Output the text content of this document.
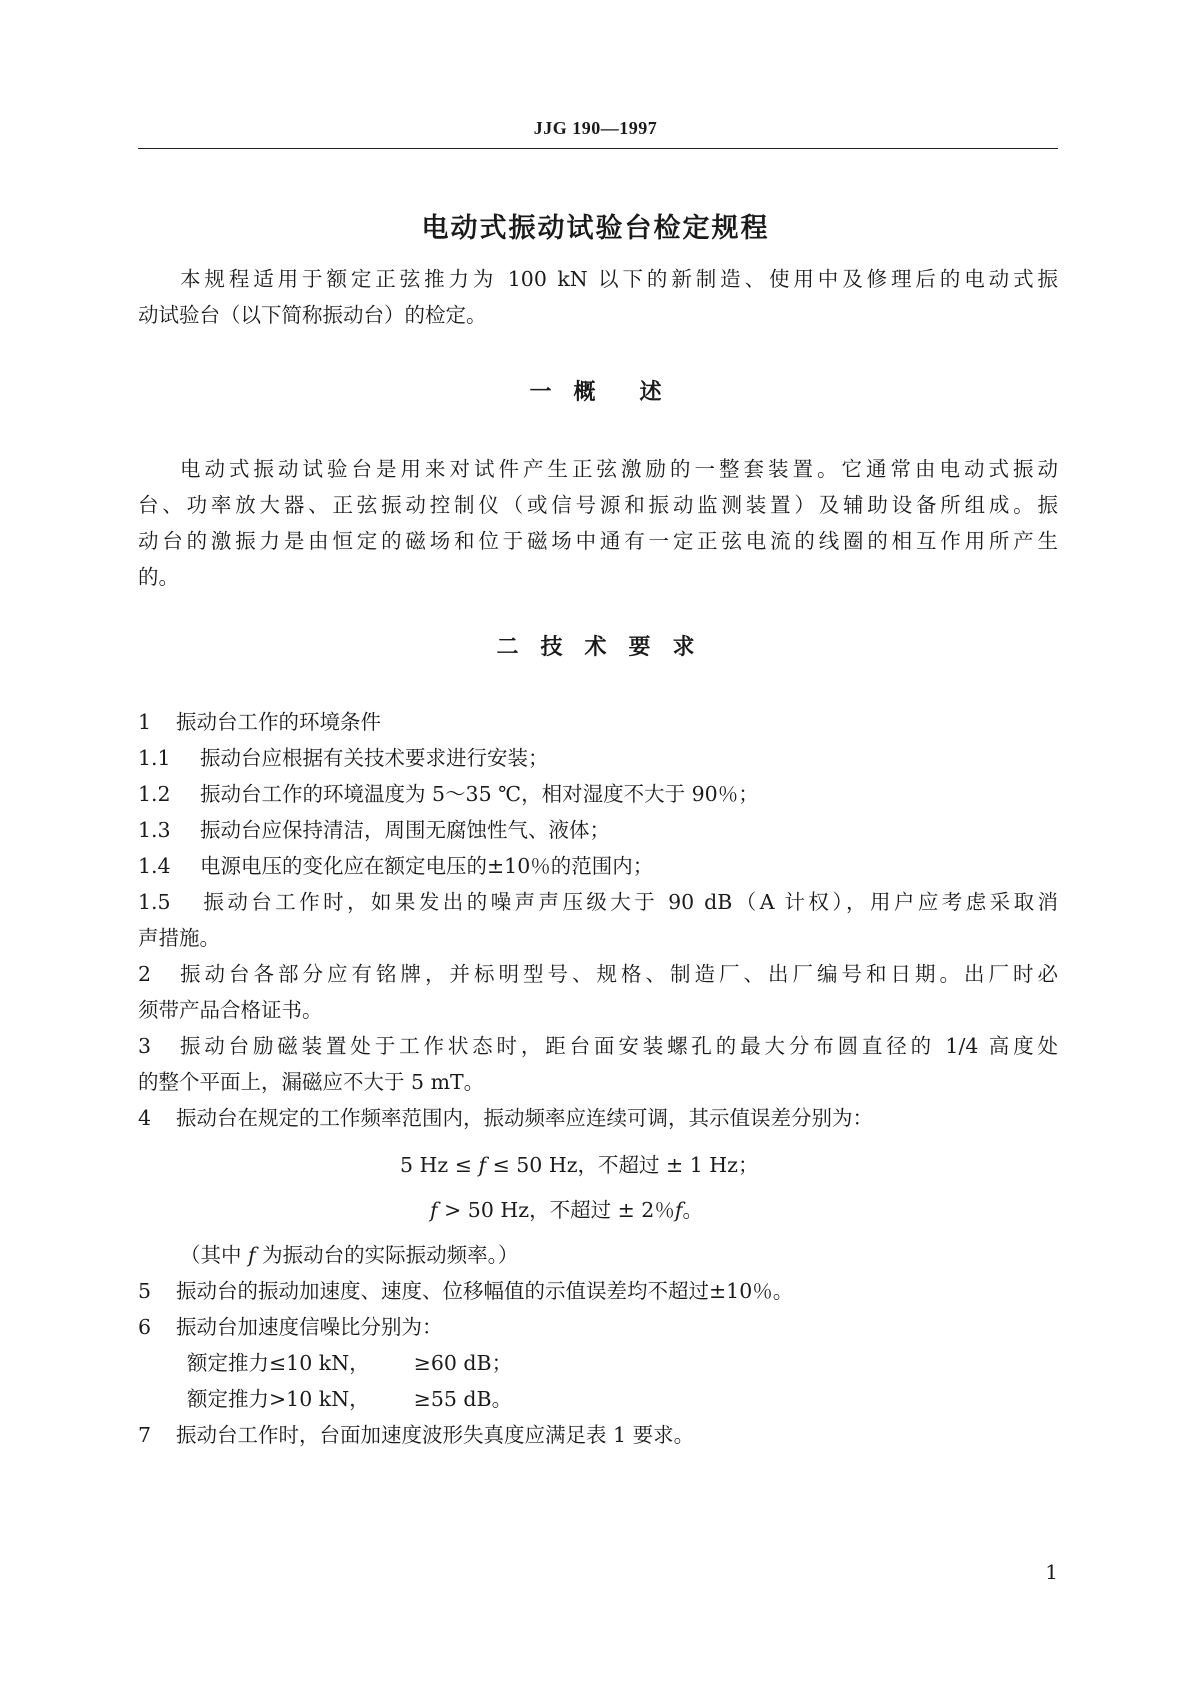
JJG 190—1997
电动式振动试验台检定规程
本规程适用于额定正弦推力为 100 kN 以下的新制造、使用中及修理后的电动式振
动试验台（以下简称振动台）的检定。
一　概　　述
电动式振动试验台是用来对试件产生正弦激励的一整套装置。它通常由电动式振动
台、功率放大器、正弦振动控制仪（或信号源和振动监测装置）及辅助设备所组成。振
动台的激振力是由恒定的磁场和位于磁场中通有一定正弦电流的线圈的相互作用所产生
的。
二　技　术　要　求
1 振动台工作的环境条件
1.1 振动台应根据有关技术要求进行安装；
1.2 振动台工作的环境温度为 5～35 ℃，相对湿度不大于 90％；
1.3 振动台应保持清洁，周围无腐蚀性气、液体；
1.4 电源电压的变化应在额定电压的±10％的范围内；
1.5 振动台工作时，如果发出的噪声声压级大于 90 dB（A 计权），用户应考虑采取消
声措施。
2 振动台各部分应有铭牌，并标明型号、规格、制造厂、出厂编号和日期。出厂时必
须带产品合格证书。
3 振动台励磁装置处于工作状态时，距台面安装螺孔的最大分布圆直径的 1/4 高度处
的整个平面上，漏磁应不大于 5 mT。
4 振动台在规定的工作频率范围内，振动频率应连续可调，其示值误差分别为：
5 Hz ≤ f ≤ 50 Hz，不超过 ± 1 Hz；
f > 50 Hz，不超过 ± 2％f。
（其中 f 为振动台的实际振动频率。）
5 振动台的振动加速度、速度、位移幅值的示值误差均不超过±10％。
6 振动台加速度信噪比分别为：
额定推力≤10 kN， ≥60 dB；
额定推力>10 kN， ≥55 dB。
7 振动台工作时，台面加速度波形失真度应满足表 1 要求。
1
